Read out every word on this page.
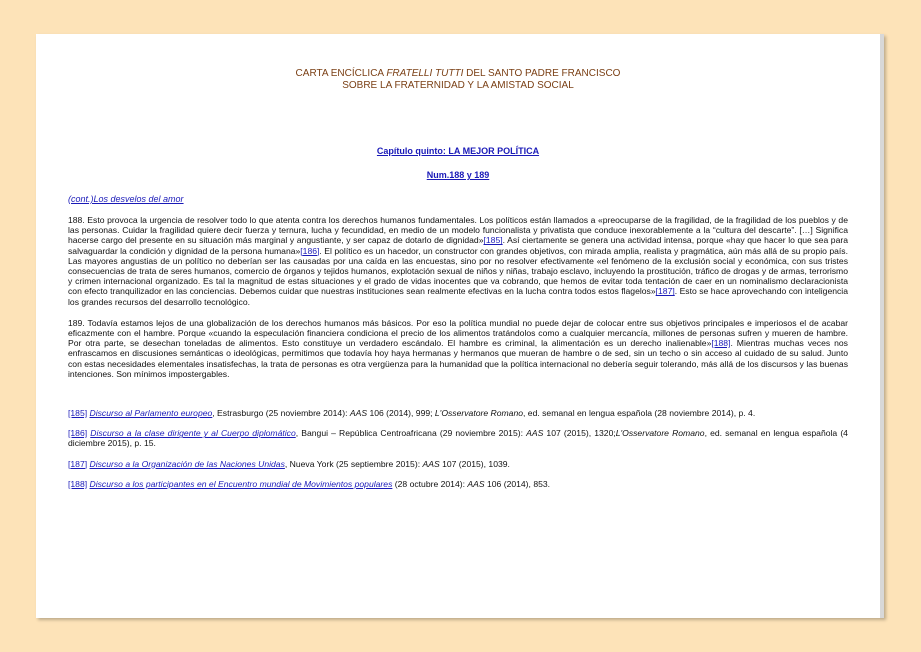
CARTA ENCÍCLICA FRATELLI TUTTI DEL SANTO PADRE FRANCISCO
SOBRE LA FRATERNIDAD Y LA AMISTAD SOCIAL
Capítulo quinto: LA MEJOR POLÍTICA
Num.188 y 189
(cont.)Los desvelos del amor

188. Esto provoca la urgencia de resolver todo lo que atenta contra los derechos humanos fundamentales. Los políticos están llamados a «preocuparse de la fragilidad, de la fragilidad de los pueblos y de las personas. Cuidar la fragilidad quiere decir fuerza y ternura, lucha y fecundidad, en medio de un modelo funcionalista y privatista que conduce inexorablemente a la “cultura del descarte”. […] Significa hacerse cargo del presente en su situación más marginal y angustiante, y ser capaz de dotarlo de dignidad»[185]. Así ciertamente se genera una actividad intensa, porque «hay que hacer lo que sea para salvaguardar la condición y dignidad de la persona humana»[186]. El político es un hacedor, un constructor con grandes objetivos, con mirada amplia, realista y pragmática, aún más allá de su propio país. Las mayores angustias de un político no deberían ser las causadas por una caída en las encuestas, sino por no resolver efectivamente «el fenómeno de la exclusión social y económica, con sus tristes consecuencias de trata de seres humanos, comercio de órganos y tejidos humanos, explotación sexual de niños y niñas, trabajo esclavo, incluyendo la prostitución, tráfico de drogas y de armas, terrorismo y crimen internacional organizado. Es tal la magnitud de estas situaciones y el grado de vidas inocentes que va cobrando, que hemos de evitar toda tentación de caer en un nominalismo declaracionista con efecto tranquilizador en las conciencias. Debemos cuidar que nuestras instituciones sean realmente efectivas en la lucha contra todos estos flagelos»[187]. Esto se hace aprovechando con inteligencia los grandes recursos del desarrollo tecnológico.

189. Todavía estamos lejos de una globalización de los derechos humanos más básicos. Por eso la política mundial no puede dejar de colocar entre sus objetivos principales e imperiosos el de acabar eficazmente con el hambre. Porque «cuando la especulación financiera condiciona el precio de los alimentos tratándolos como a cualquier mercancía, millones de personas sufren y mueren de hambre. Por otra parte, se desechan toneladas de alimentos. Esto constituye un verdadero escándalo. El hambre es criminal, la alimentación es un derecho inalienable»[188]. Mientras muchas veces nos enfrascamos en discusiones semánticas o ideológicas, permitimos que todavía hoy haya hermanas y hermanos que mueran de hambre o de sed, sin un techo o sin acceso al cuidado de su salud. Junto con estas necesidades elementales insatisfechas, la trata de personas es otra vergüenza para la humanidad que la política internacional no debería seguir tolerando, más allá de los discursos y las buenas intenciones. Son mínimos impostergables.

[185] Discurso al Parlamento europeo, Estrasburgo (25 noviembre 2014): AAS 106 (2014), 999; L'Osservatore Romano, ed. semanal en lengua española (28 noviembre 2014), p. 4.

[186] Discurso a la clase dirigente y al Cuerpo diplomático, Bangui – República Centroafricana (29 noviembre 2015): AAS 107 (2015), 1320;L'Osservatore Romano, ed. semanal en lengua española (4 diciembre 2015), p. 15.

[187] Discurso a la Organización de las Naciones Unidas, Nueva York (25 septiembre 2015): AAS 107 (2015), 1039.

[188] Discurso a los participantes en el Encuentro mundial de Movimientos populares (28 octubre 2014): AAS 106 (2014), 853.
